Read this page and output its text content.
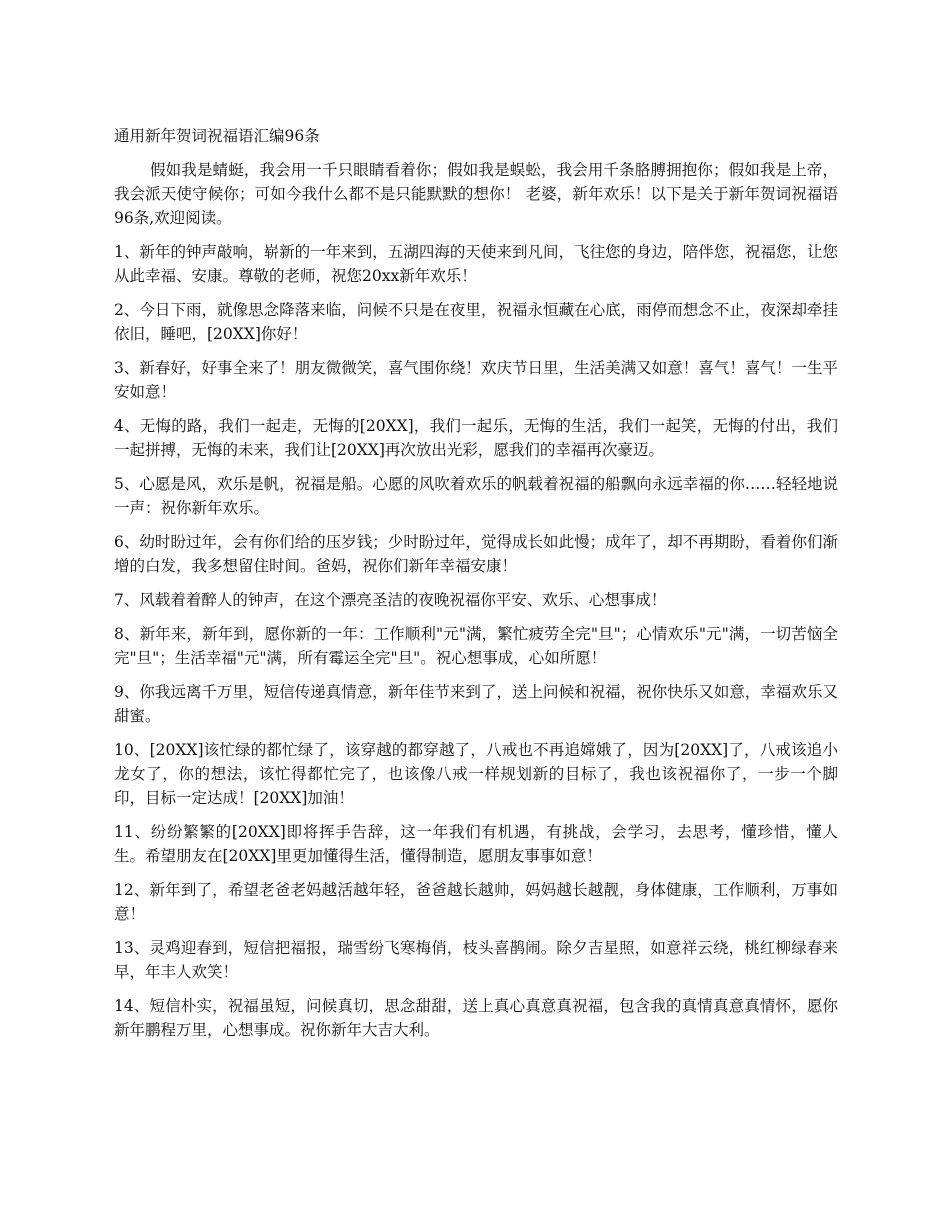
通用新年贺词祝福语汇编96条

假如我是蜻蜓，我会用一千只眼睛看着你；假如我是蜈蚣，我会用千条胳膊拥抱你；假如我是上帝，我会派天使守候你；可如今我什么都不是只能默默的想你！ 老婆，新年欢乐！以下是关于新年贺词祝福语96条,欢迎阅读。

1、新年的钟声敲响，崭新的一年来到，五湖四海的天使来到凡间，飞往您的身边，陪伴您，祝福您，让您从此幸福、安康。尊敬的老师，祝您20xx新年欢乐！

2、今日下雨，就像思念降落来临，问候不只是在夜里，祝福永恒藏在心底，雨停而想念不止，夜深却牵挂依旧，睡吧，[20XX]你好！

3、新春好，好事全来了！朋友微微笑，喜气围你绕！欢庆节日里，生活美满又如意！喜气！喜气！一生平安如意！

4、无悔的路，我们一起走，无悔的[20XX]，我们一起乐，无悔的生活，我们一起笑，无悔的付出，我们一起拼搏，无悔的未来，我们让[20XX]再次放出光彩，愿我们的幸福再次豪迈。

5、心愿是风，欢乐是帆，祝福是船。心愿的风吹着欢乐的帆载着祝福的船飘向永远幸福的你……轻轻地说一声：祝你新年欢乐。

6、幼时盼过年，会有你们给的压岁钱；少时盼过年，觉得成长如此慢；成年了，却不再期盼，看着你们渐增的白发，我多想留住时间。爸妈，祝你们新年幸福安康！

7、风载着着醉人的钟声，在这个漂亮圣洁的夜晚祝福你平安、欢乐、心想事成！

8、新年来，新年到，愿你新的一年：工作顺利"元"满，繁忙疲劳全完"旦"；心情欢乐"元"满，一切苦恼全完"旦"；生活幸福"元"满，所有霉运全完"旦"。祝心想事成，心如所愿！

9、你我远离千万里，短信传递真情意，新年佳节来到了，送上问候和祝福，祝你快乐又如意，幸福欢乐又甜蜜。

10、[20XX]该忙绿的都忙绿了，该穿越的都穿越了，八戒也不再追嫦娥了，因为[20XX]了，八戒该追小龙女了，你的想法，该忙得都忙完了，也该像八戒一样规划新的目标了，我也该祝福你了，一步一个脚印，目标一定达成！[20XX]加油！

11、纷纷繁繁的[20XX]即将挥手告辞，这一年我们有机遇，有挑战，会学习，去思考，懂珍惜，懂人生。希望朋友在[20XX]里更加懂得生活，懂得制造，愿朋友事事如意！

12、新年到了，希望老爸老妈越活越年轻，爸爸越长越帅，妈妈越长越靓，身体健康，工作顺利，万事如意！

13、灵鸡迎春到，短信把福报，瑞雪纷飞寒梅俏，枝头喜鹊闹。除夕吉星照，如意祥云绕，桃红柳绿春来早，年丰人欢笑！

14、短信朴实，祝福虽短，问候真切，思念甜甜，送上真心真意真祝福，包含我的真情真意真情怀，愿你新年鹏程万里，心想事成。祝你新年大吉大利。
